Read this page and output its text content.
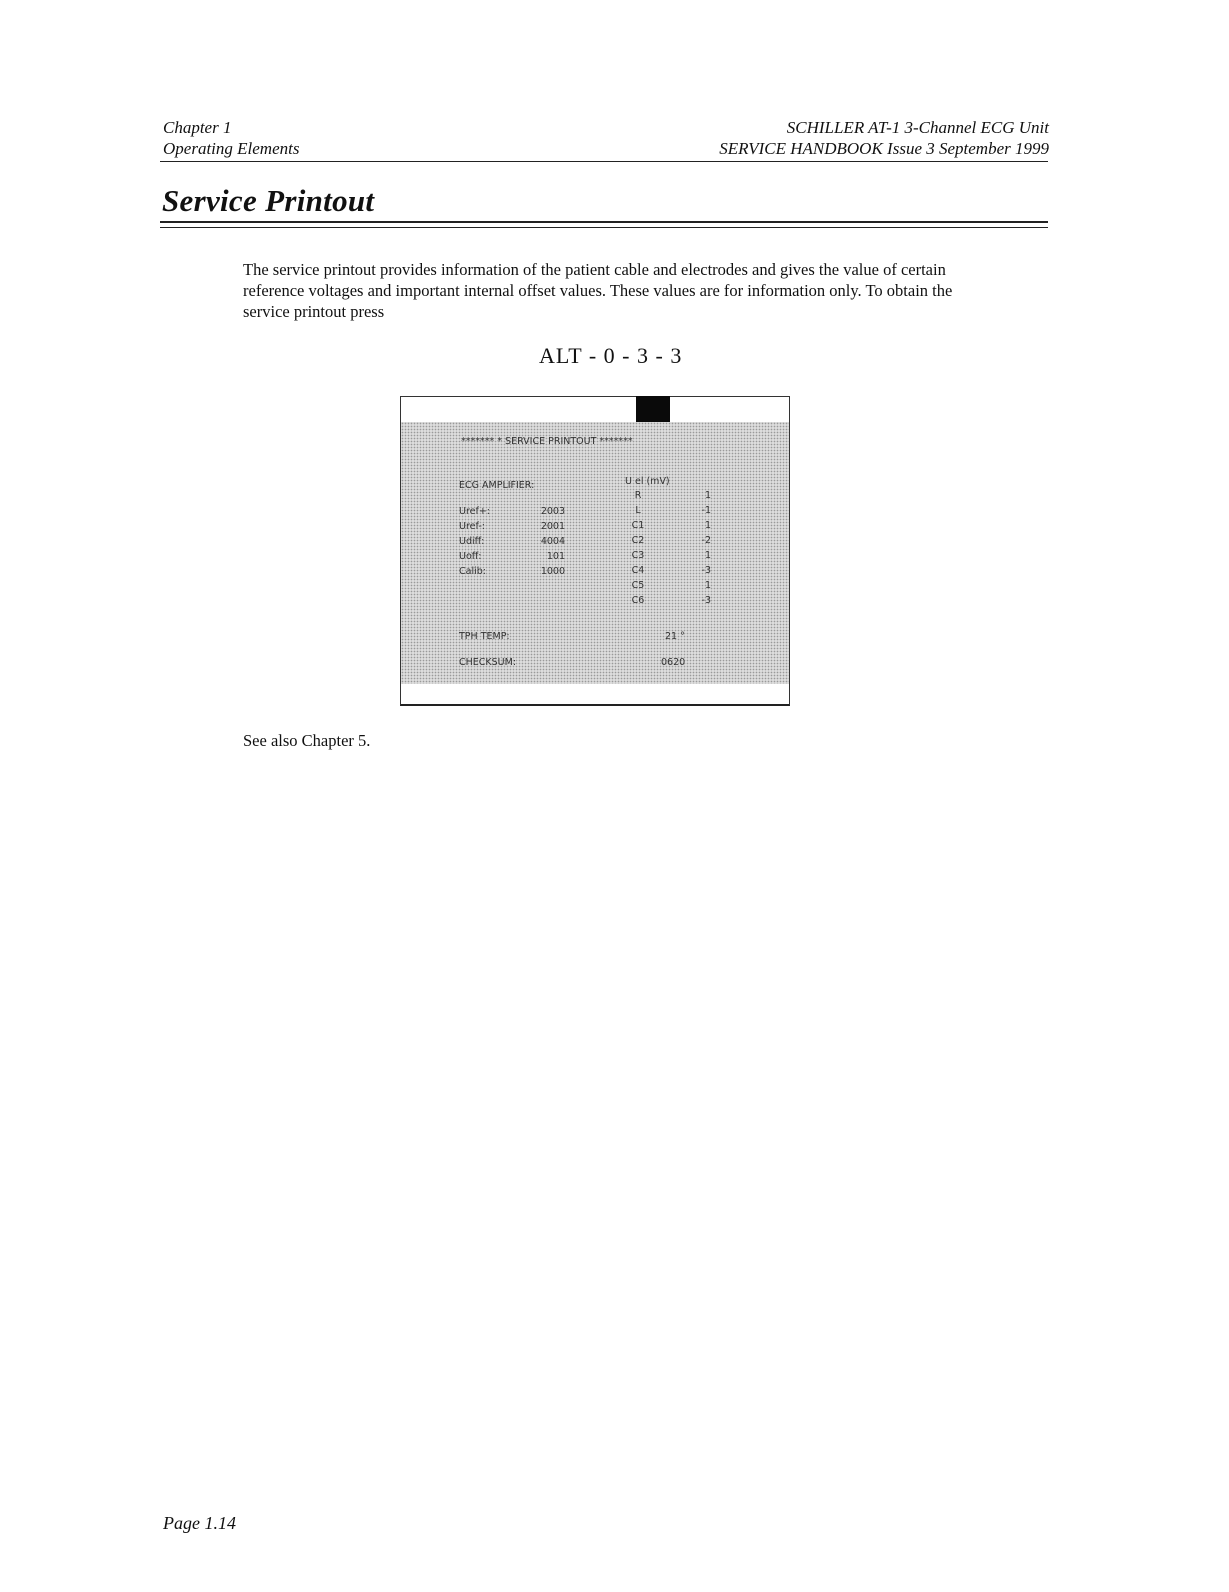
Chapter 1
Operating Elements
SCHILLER AT-1 3-Channel ECG Unit
SERVICE HANDBOOK Issue 3 September 1999
Service Printout

The service printout provides information of the patient cable and electrodes and gives the value of certain reference voltages and important internal offset values. These values are for information only. To obtain the service printout press

ALT - 0 - 3 - 3
******* * SERVICE PRINTOUT *******
ECG AMPLIFIER:	U el (mV)
Uref+:	2003
Uref-:	2001
Udiff:	4004
Uoff:	101
Calib:	1000
R	1
L	-1
C1	1
C2	-2
C3	1
C4	-3
C5	1
C6	-3
TPH TEMP:	21 °
CHECKSUM:	0620
See also Chapter 5.
Page 1.14
